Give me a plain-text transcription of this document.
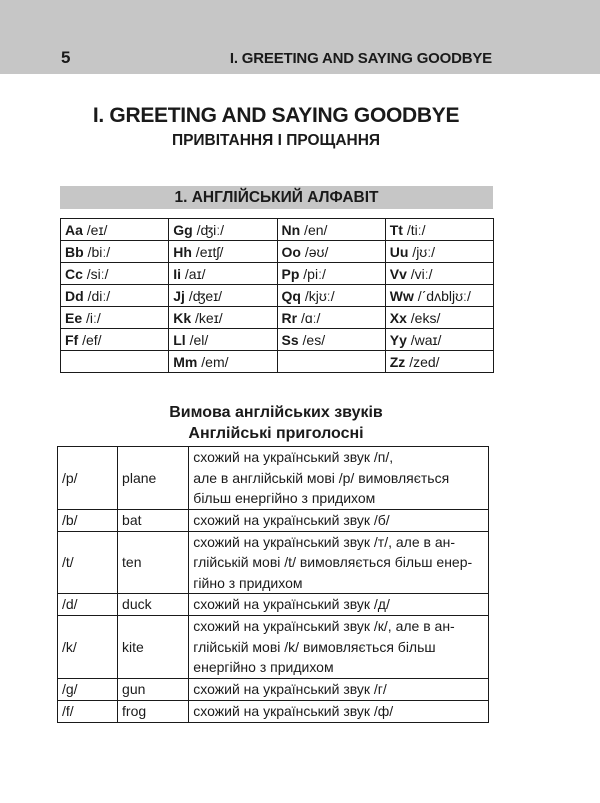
5	I. GREETING AND SAYING GOODBYE
I. GREETING AND SAYING GOODBYE
ПРИВІТАННЯ І ПРОЩАННЯ
1. АНГЛІЙСЬКИЙ АЛФАВІТ
Aa /eɪ/	Gg /ʤiː/	Nn /en/	Tt /tiː/
Bb /biː/	Hh /eɪtʃ/	Oo /əʊ/	Uu /jʊː/
Cc /siː/	Ii /aɪ/	Pp /piː/	Vv /viː/
Dd /diː/	Jj /ʤeɪ/	Qq /kjʊː/	Ww /ˊdʌbljʊː/
Ee /iː/	Kk /keɪ/	Rr /ɑː/	Xx /eks/
Ff /ef/	Ll /el/	Ss /es/	Yy /waɪ/
	Mm /em/		Zz /zed/
Вимова англійських звуків
Англійські приголосні
/p/	plane	схожий на український звук /п/,
але в англійській мові /р/ вимовляється
більш енергійно з придихом

/b/	bat	схожий на український звук /б/

/t/	ten	схожий на український звук /т/, але в ан-
глійській мові /t/ вимовляється більш енер-
гійно з придихом

/d/	duck	схожий на український звук /д/

/k/	kite	схожий на український звук /к/, але в ан-
глійській мові /k/ вимовляється більш
енергійно з придихом

/g/	gun	схожий на український звук /г/

/f/	frog	схожий на український звук /ф/
